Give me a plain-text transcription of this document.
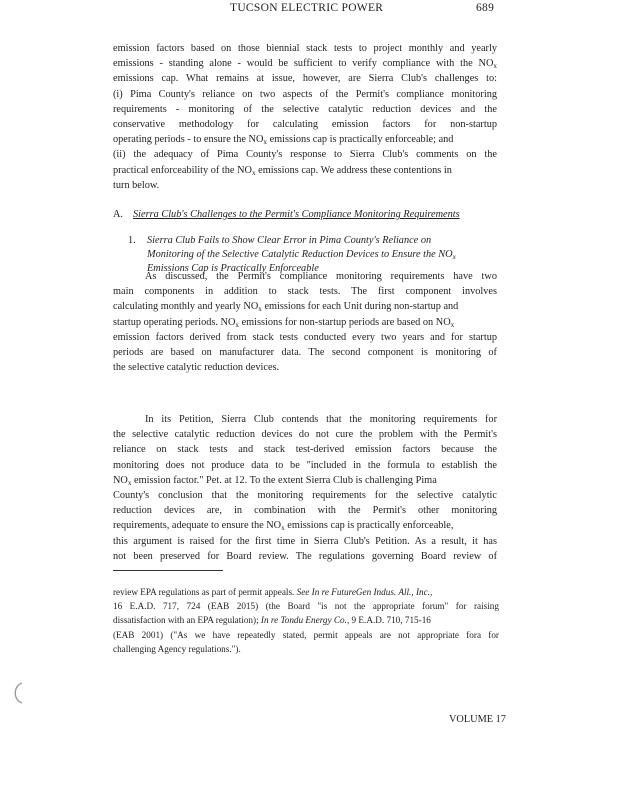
TUCSON ELECTRIC POWER	689
emission factors based on those biennial stack tests to project monthly and yearly
emissions - standing alone - would be sufficient to verify compliance with the $NO_x$
emissions cap. What remains at issue, however, are Sierra Club's challenges to:
(i) Pima County's reliance on two aspects of the Permit's compliance monitoring
requirements - monitoring of the selective catalytic reduction devices and the
conservative methodology for calculating emission factors for non-startup
operating periods - to ensure the $NO_x$ emissions cap is practically enforceable; and
(ii) the adequacy of Pima County's response to Sierra Club's comments on the
practical enforceability of the $NO_x$ emissions cap. We address these contentions in
turn below.
A. Sierra Club's Challenges to the Permit's Compliance Monitoring Requirements
1. Sierra Club Fails to Show Clear Error in Pima County's Reliance on
Monitoring of the Selective Catalytic Reduction Devices to Ensure the $NO_x$
Emissions Cap is Practically Enforceable
As discussed, the Permit's compliance monitoring requirements have two
main components in addition to stack tests. The first component involves
calculating monthly and yearly $NO_x$ emissions for each Unit during non-startup and
startup operating periods. $NO_x$ emissions for non-startup periods are based on $NO_x$
emission factors derived from stack tests conducted every two years and for startup
periods are based on manufacturer data. The second component is monitoring of
the selective catalytic reduction devices.
In its Petition, Sierra Club contends that the monitoring requirements for
the selective catalytic reduction devices do not cure the problem with the Permit's
reliance on stack tests and stack test-derived emission factors because the
monitoring does not produce data to be "included in the formula to establish the
$NO_x$ emission factor." Pet. at 12. To the extent Sierra Club is challenging Pima
County's conclusion that the monitoring requirements for the selective catalytic
reduction devices are, in combination with the Permit's other monitoring
requirements, adequate to ensure the $NO_x$ emissions cap is practically enforceable,
this argument is raised for the first time in Sierra Club's Petition. As a result, it has
not been preserved for Board review. The regulations governing Board review of
review EPA regulations as part of permit appeals. See In re FutureGen Indus. All., Inc.,
16 E.A.D. 717, 724 (EAB 2015) (the Board "is not the appropriate forum" for raising
dissatisfaction with an EPA regulation); In re Tondu Energy Co., 9 E.A.D. 710, 715-16
(EAB 2001) ("As we have repeatedly stated, permit appeals are not appropriate fora for
challenging Agency regulations.").
VOLUME 17
